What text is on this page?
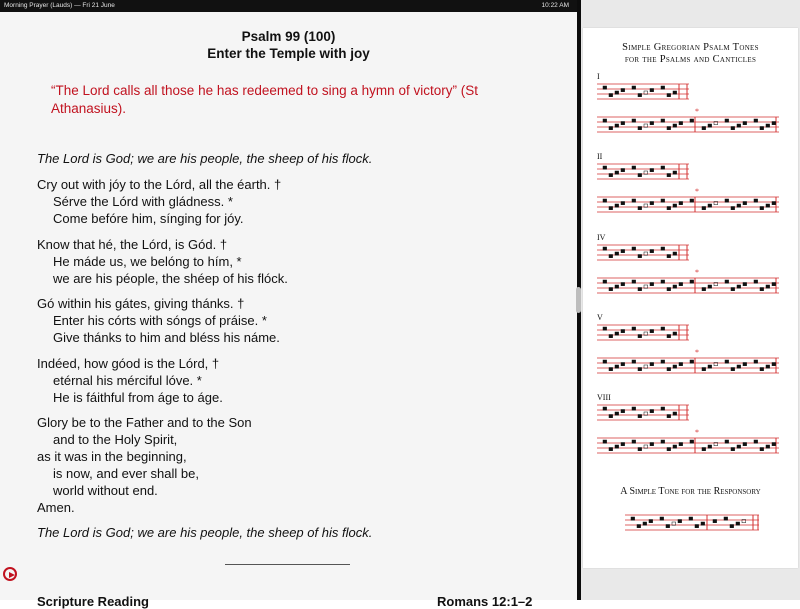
Morning Prayer (Lauds) — Fri 21 June	10:22 AM
Psalm 99 (100)
Enter the Temple with joy
“The Lord calls all those he has redeemed to sing a hymn of victory” (St Athanasius).
The Lord is God; we are his people, the sheep of his flock.
Cry out with jóy to the Lórd, all the éarth. †
Sérve the Lórd with gládness. *
Come befóre him, sínging for jóy.
Know that hé, the Lórd, is Gód. †
He máde us, we belóng to hím, *
we are his péople, the shéep of his flóck.
Gó within his gátes, giving thánks. †
Enter his córts with sóngs of práise. *
Give thánks to him and bléss his náme.
Indéed, how góod is the Lórd, †
etérnal his mérciful lóve. *
He is fáithful from áge to áge.
Glory be to the Father and to the Son
and to the Holy Spirit,
as it was in the beginning,
is now, and ever shall be,
world without end.
Amen.
The Lord is God; we are his people, the sheep of his flock.
Scripture Reading	Romans 12:1–2
Simple Gregorian Psalm Tones
for the Psalms and Canticles
I
II
IV
V
VIII
A Simple Tone for the Responsory
*
*
*
*
*
